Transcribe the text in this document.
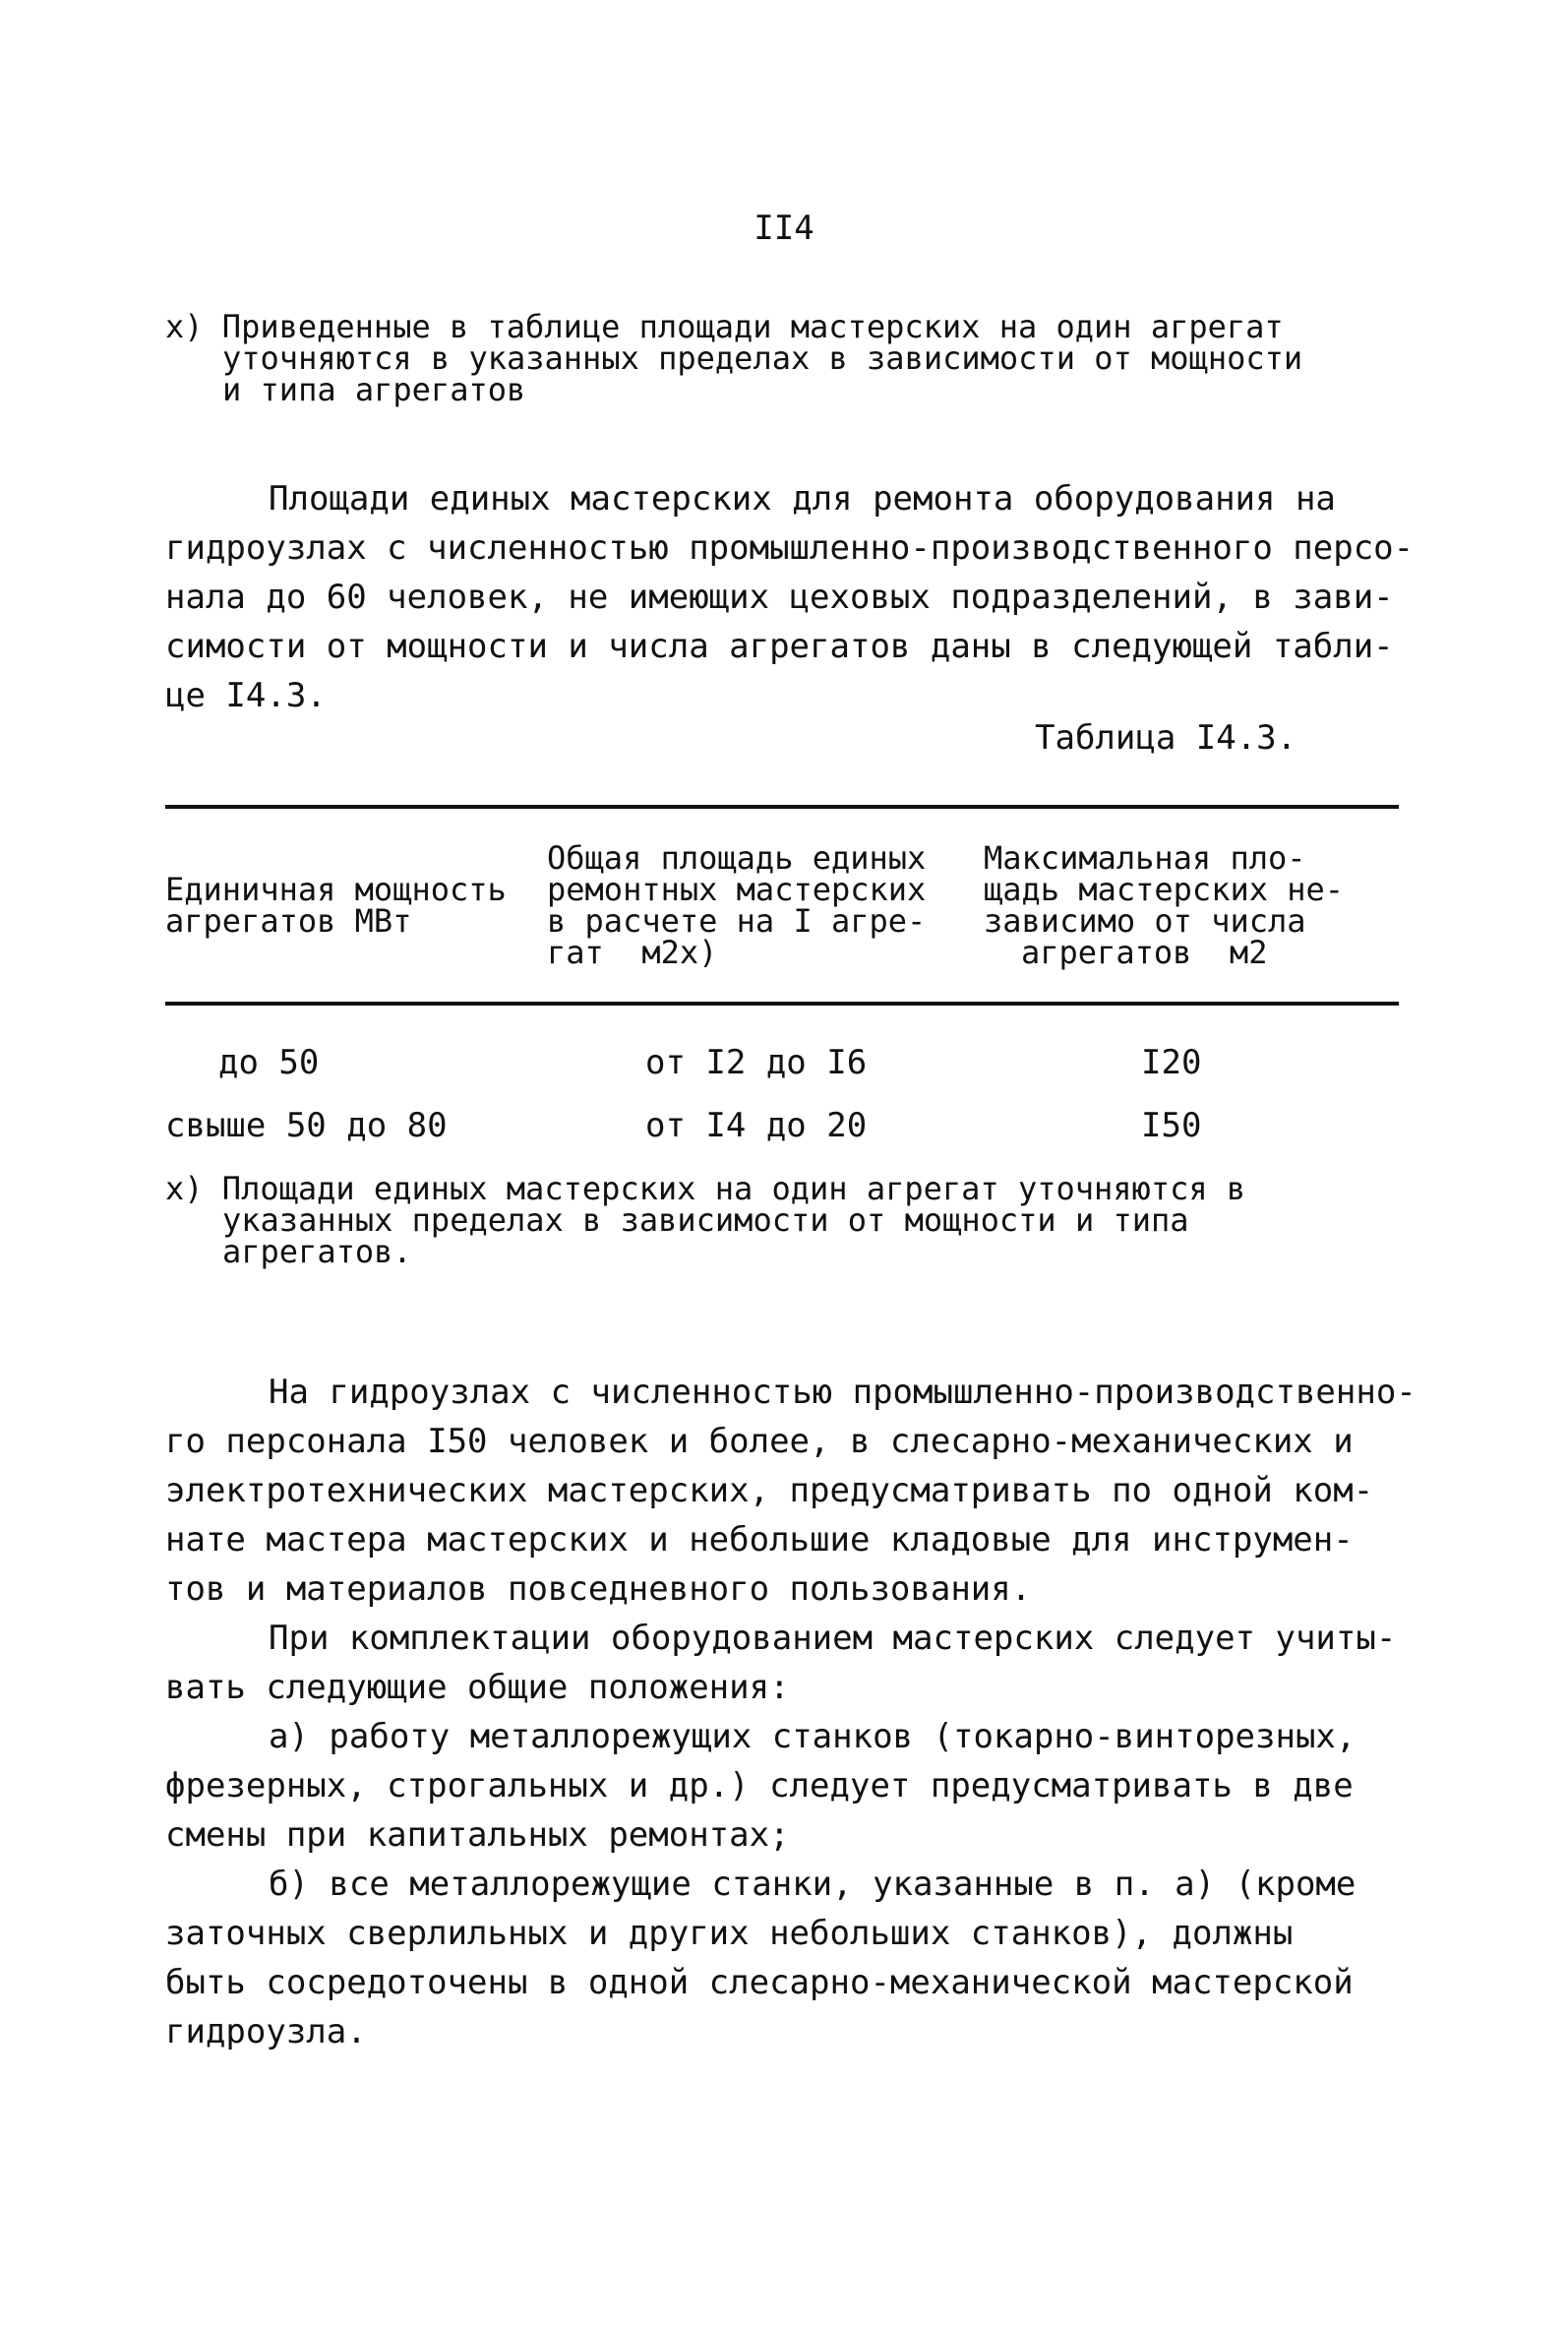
II4
x) Приведенные в таблице площади мастерских на один агрегат
уточняются в указанных пределах в зависимости от мощности
и типа агрегатов
Площади единых мастерских для ремонта оборудования на
гидроузлах с численностью промышленно-производственного персо-
нала до 60 человек, не имеющих цеховых подразделений, в зави-
симости от мощности и числа агрегатов даны в следующей табли-
це I4.3.
Таблица I4.3.
Единичная мощность
агрегатов МВт
Общая площадь единых
ремонтных мастерских
в расчете на I агре-
гат  м2х)
Максимальная пло-
щадь мастерских не-
зависимо от числа
агрегатов  м2
до 50	от I2 до I6	I20
свыше 50 до 80	от I4 до 20	I50
x) Площади единых мастерских на один агрегат уточняются в
указанных пределах в зависимости от мощности и типа
агрегатов.
На гидроузлах с численностью промышленно-производственно-
го персонала I50 человек и более, в слесарно-механических и
электротехнических мастерских, предусматривать по одной ком-
нате мастера мастерских и небольшие кладовые для инструмен-
тов и материалов повседневного пользования.
При комплектации оборудованием мастерских следует учиты-
вать следующие общие положения:
а) работу металлорежущих станков (токарно-винторезных,
фрезерных, строгальных и др.) следует предусматривать в две
смены при капитальных ремонтах;
б) все металлорежущие станки, указанные в п. а) (кроме
заточных сверлильных и других небольших станков), должны
быть сосредоточены в одной слесарно-механической мастерской
гидроузла.
